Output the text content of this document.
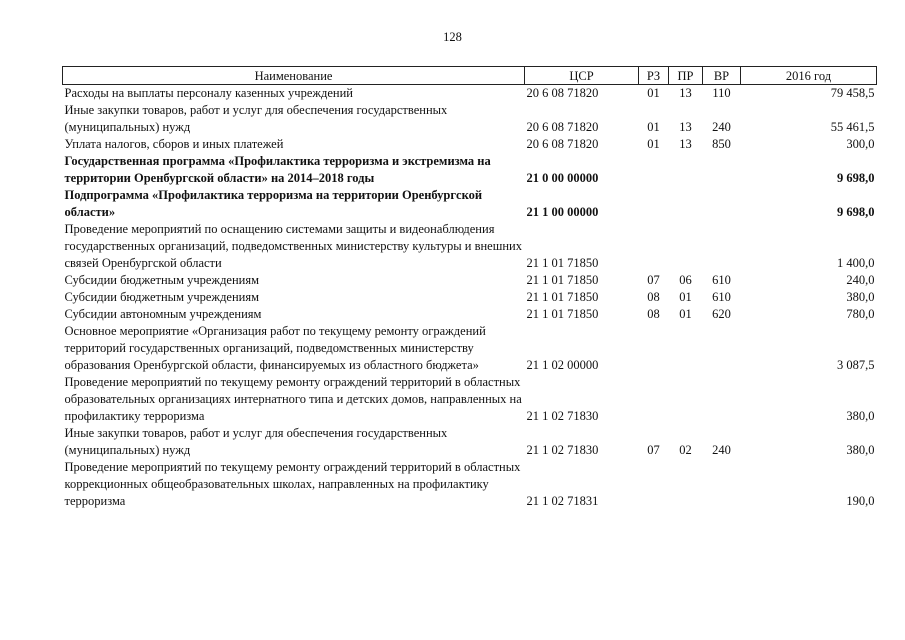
128
Наименование	ЦСР	РЗ	ПР	ВР	2016 год
Расходы на выплаты персоналу казенных учреждений	20 6 08 71820	01	13	110	79 458,5
Иные закупки товаров, работ и услуг для обеспечения государственных (муниципальных) нужд	20 6 08 71820	01	13	240	55 461,5
Уплата налогов, сборов и иных платежей	20 6 08 71820	01	13	850	300,0
Государственная программа «Профилактика терроризма и экстремизма на территории Оренбургской области» на 2014–2018 годы	21 0 00 00000				9 698,0
Подпрограмма «Профилактика терроризма на территории Оренбургской области»	21 1 00 00000				9 698,0
Проведение мероприятий по оснащению системами защиты и видеонаблюдения государственных организаций, подведомственных министерству культуры и внешних связей Оренбургской области	21 1 01 71850				1 400,0
Субсидии бюджетным учреждениям	21 1 01 71850	07	06	610	240,0
Субсидии бюджетным учреждениям	21 1 01 71850	08	01	610	380,0
Субсидии автономным учреждениям	21 1 01 71850	08	01	620	780,0
Основное мероприятие «Организация работ по текущему ремонту ограждений территорий государственных организаций, подведомственных министерству образования Оренбургской области, финансируемых из областного бюджета»	21 1 02 00000				3 087,5
Проведение мероприятий по текущему ремонту ограждений территорий в областных образовательных организациях интернатного типа и детских домов, направленных на профилактику терроризма	21 1 02 71830				380,0
Иные закупки товаров, работ и услуг для обеспечения государственных (муниципальных) нужд	21 1 02 71830	07	02	240	380,0
Проведение мероприятий по текущему ремонту ограждений территорий в областных коррекционных общеобразовательных школах, направленных на профилактику терроризма	21 1 02 71831				190,0
